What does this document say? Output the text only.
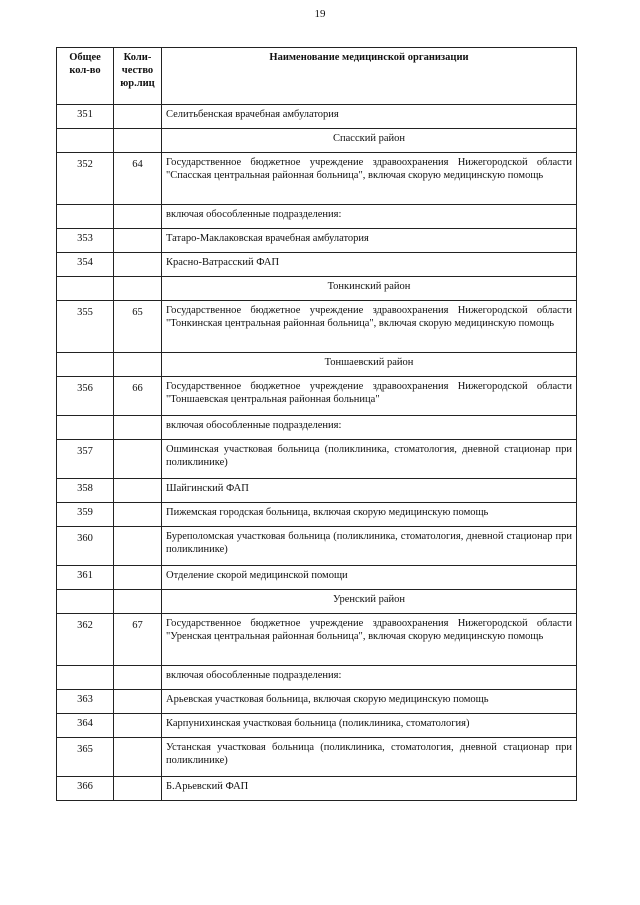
19
Общее кол-во	Коли-чество юр.лиц	Наименование медицинской организации
351		Селитьбенская врачебная амбулатория
		Спасский район
352	64	Государственное бюджетное учреждение здравоохранения Нижегородской области "Спасская центральная районная больница", включая скорую медицинскую помощь
		включая обособленные подразделения:
353		Татаро-Маклаковская врачебная амбулатория
354		Красно-Ватрасский ФАП
		Тонкинский район
355	65	Государственное бюджетное учреждение здравоохранения Нижегородской области "Тонкинская центральная районная больница", включая скорую медицинскую помощь
		Тоншаевский район
356	66	Государственное бюджетное учреждение здравоохранения Нижегородской области "Тоншаевская центральная районная больница"
		включая обособленные подразделения:
357		Ошминская участковая больница (поликлиника, стоматология, дневной стационар при поликлинике)
358		Шайгинский ФАП
359		Пижемская городская больница, включая скорую медицинскую помощь
360		Буреполомская участковая больница (поликлиника, стоматология, дневной стационар при поликлинике)
361		Отделение скорой медицинской помощи
		Уренский район
362	67	Государственное бюджетное учреждение здравоохранения Нижегородской области "Уренская центральная районная больница", включая скорую медицинскую помощь
		включая обособленные подразделения:
363		Арьевская участковая больница, включая скорую медицинскую помощь
364		Карпунихинская участковая больница (поликлиника, стоматология)
365		Устанская участковая больница (поликлиника, стоматология, дневной стационар при поликлинике)
366		Б.Арьевский ФАП
